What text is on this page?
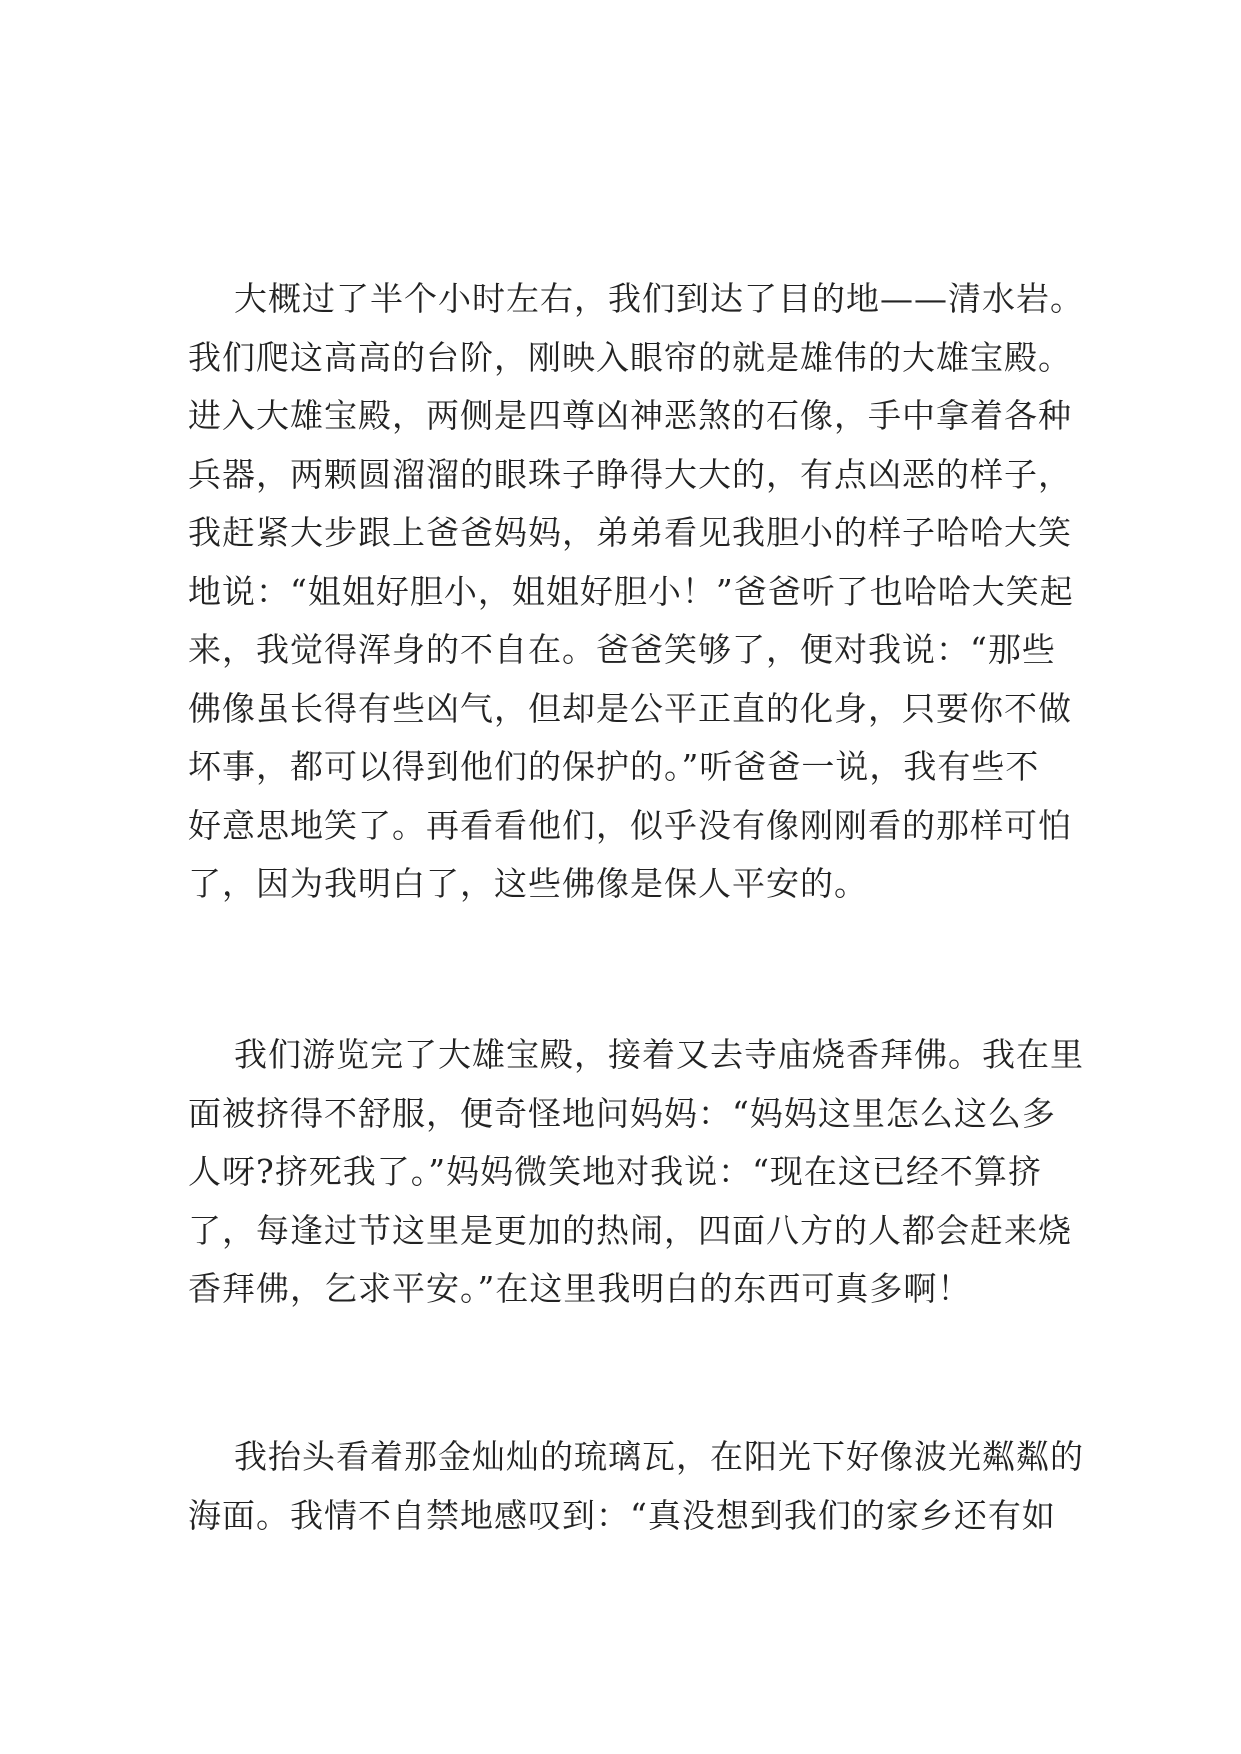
大概过了半个小时左右，我们到达了目的地——清水岩。
我们爬这高高的台阶，刚映入眼帘的就是雄伟的大雄宝殿。
进入大雄宝殿，两侧是四尊凶神恶煞的石像，手中拿着各种
兵器，两颗圆溜溜的眼珠子睁得大大的，有点凶恶的样子，
我赶紧大步跟上爸爸妈妈，弟弟看见我胆小的样子哈哈大笑
地说：“姐姐好胆小，姐姐好胆小！”爸爸听了也哈哈大笑起
来，我觉得浑身的不自在。爸爸笑够了，便对我说：“那些
佛像虽长得有些凶气，但却是公平正直的化身，只要你不做
坏事，都可以得到他们的保护的。”听爸爸一说，我有些不
好意思地笑了。再看看他们，似乎没有像刚刚看的那样可怕
了，因为我明白了，这些佛像是保人平安的。
我们游览完了大雄宝殿，接着又去寺庙烧香拜佛。我在里
面被挤得不舒服，便奇怪地问妈妈：“妈妈这里怎么这么多
人呀?挤死我了。”妈妈微笑地对我说：“现在这已经不算挤
了，每逢过节这里是更加的热闹，四面八方的人都会赶来烧
香拜佛，乞求平安。”在这里我明白的东西可真多啊！
我抬头看着那金灿灿的琉璃瓦，在阳光下好像波光粼粼的
海面。我情不自禁地感叹到：“真没想到我们的家乡还有如
